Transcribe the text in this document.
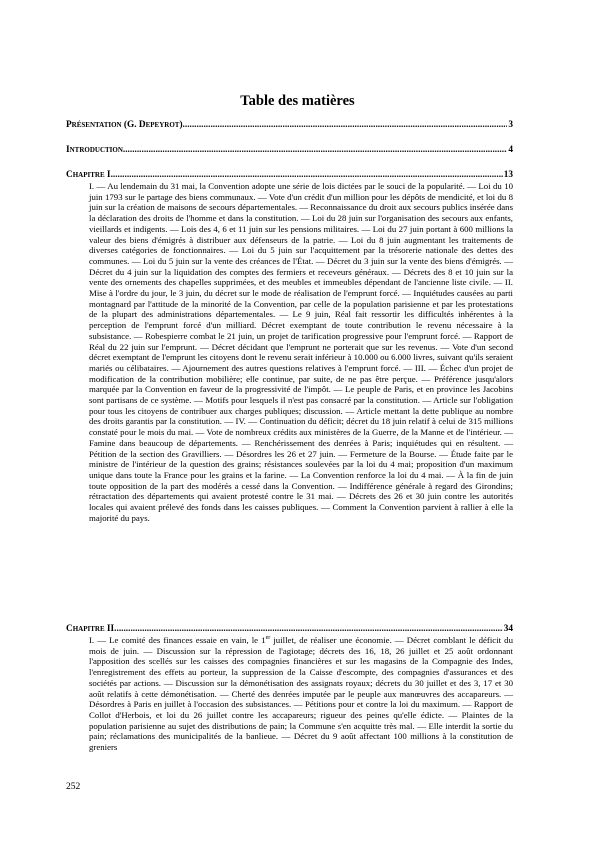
Table des matières
Présentation (G. Depeyrot) .....	3
Introduction .....	4
Chapitre I .....	13

I. — Au lendemain du 31 mai, la Convention adopte une série de lois dictées par le souci de la popularité. — Loi du 10 juin 1793 sur le partage des biens communaux. — Vote d'un crédit d'un million pour les dépôts de mendicité, et loi du 8 juin sur la création de maisons de secours départementales. — Reconnaissance du droit aux secours publics insérée dans la déclaration des droits de l'homme et dans la constitution. — Loi du 28 juin sur l'organisation des secours aux enfants, vieillards et indigents. — Lois des 4, 6 et 11 juin sur les pensions militaires. — Loi du 27 juin portant à 600 millions la valeur des biens d'émigrés à distribuer aux défenseurs de la patrie. — Loi du 8 juin augmentant les traitements de diverses catégories de fonctionnaires. — Loi du 5 juin sur l'acquittement par la trésorerie nationale des dettes des communes. — Loi du 5 juin sur la vente des créances de l'État. — Décret du 3 juin sur la vente des biens d'émigrés. — Décret du 4 juin sur la liquidation des comptes des fermiers et receveurs généraux. — Décrets des 8 et 10 juin sur la vente des ornements des chapelles supprimées, et des meubles et immeubles dépendant de l'ancienne liste civile. — II. Mise à l'ordre du jour, le 3 juin, du décret sur le mode de réalisation de l'emprunt forcé. — Inquiétudes causées au parti montagnard par l'attitude de la minorité de la Convention, par celle de la population parisienne et par les protestations de la plupart des administrations départementales. — Le 9 juin, Réal fait ressortir les difficultés inhérentes à la perception de l'emprunt forcé d'un milliard. Décret exemptant de toute contribution le revenu nécessaire à la subsistance. — Robespierre combat le 21 juin, un projet de tarification progressive pour l'emprunt forcé. — Rapport de Réal du 22 juin sur l'emprunt. — Décret décidant que l'emprunt ne porterait que sur les revenus. — Vote d'un second décret exemptant de l'emprunt les citoyens dont le revenu serait inférieur à 10.000 ou 6.000 livres, suivant qu'ils seraient mariés ou célibataires. — Ajournement des autres questions relatives à l'emprunt forcé. — III. — Échec d'un projet de modification de la contribution mobilière; elle continue, par suite, de ne pas être perçue. — Préférence jusqu'alors marquée par la Convention en faveur de la progressivité de l'impôt. — Le peuple de Paris, et en province les Jacobins sont partisans de ce système. — Motifs pour lesquels il n'est pas consacré par la constitution. — Article sur l'obligation pour tous les citoyens de contribuer aux charges publiques; discussion. — Article mettant la dette publique au nombre des droits garantis par la constitution. — IV. — Continuation du déficit; décret du 18 juin relatif à celui de 315 millions constaté pour le mois du mai. — Vote de nombreux crédits aux ministères de la Guerre, de la Manne et de l'intérieur. — Famine dans beaucoup de départements. — Renchérissement des denrées à Paris; inquiétudes qui en résultent. — Pétition de la section des Gravilliers. — Désordres les 26 et 27 juin. — Fermeture de la Bourse. — Étude faite par le ministre de l'intérieur de la question des grains; résistances soulevées par la loi du 4 mai; proposition d'un maximum unique dans toute la France pour les grains et la farine. — La Convention renforce la loi du 4 mai. — À la fin de juin toute opposition de la part des modérés a cessé dans la Convention. — Indifférence générale à regard des Girondins; rétractation des départements qui avaient protesté contre le 31 mai. — Décrets des 26 et 30 juin contre les autorités locales qui avaient prélevé des fonds dans les caisses publiques. — Comment la Convention parvient à rallier à elle la majorité du pays.

Chapitre II .....	34

I. — Le comité des finances essaie en vain, le 1er juillet, de réaliser une économie. — Décret comblant le déficit du mois de juin. — Discussion sur la répression de l'agiotage; décrets des 16, 18, 26 juillet et 25 août ordonnant l'apposition des scellés sur les caisses des compagnies financières et sur les magasins de la Compagnie des Indes, l'enregistrement des effets au porteur, la suppression de la Caisse d'escompte, des compagnies d'assurances et des sociétés par actions. — Discussion sur la démonétisation des assignats royaux; décrets du 30 juillet et des 3, 17 et 30 août relatifs à cette démonétisation. — Cherté des denrées imputée par le peuple aux manœuvres des accapareurs. — Désordres à Paris en juillet à l'occasion des subsistances. — Pétitions pour et contre la loi du maximum. — Rapport de Collot d'Herbois, et loi du 26 juillet contre les accapareurs; rigueur des peines qu'elle édicte. — Plaintes de la population parisienne au sujet des distributions de pain; la Commune s'en acquitte très mal. — Elle interdit la sortie du pain; réclamations des municipalités de la banlieue. — Décret du 9 août affectant 100 millions à la constitution de greniers

252
